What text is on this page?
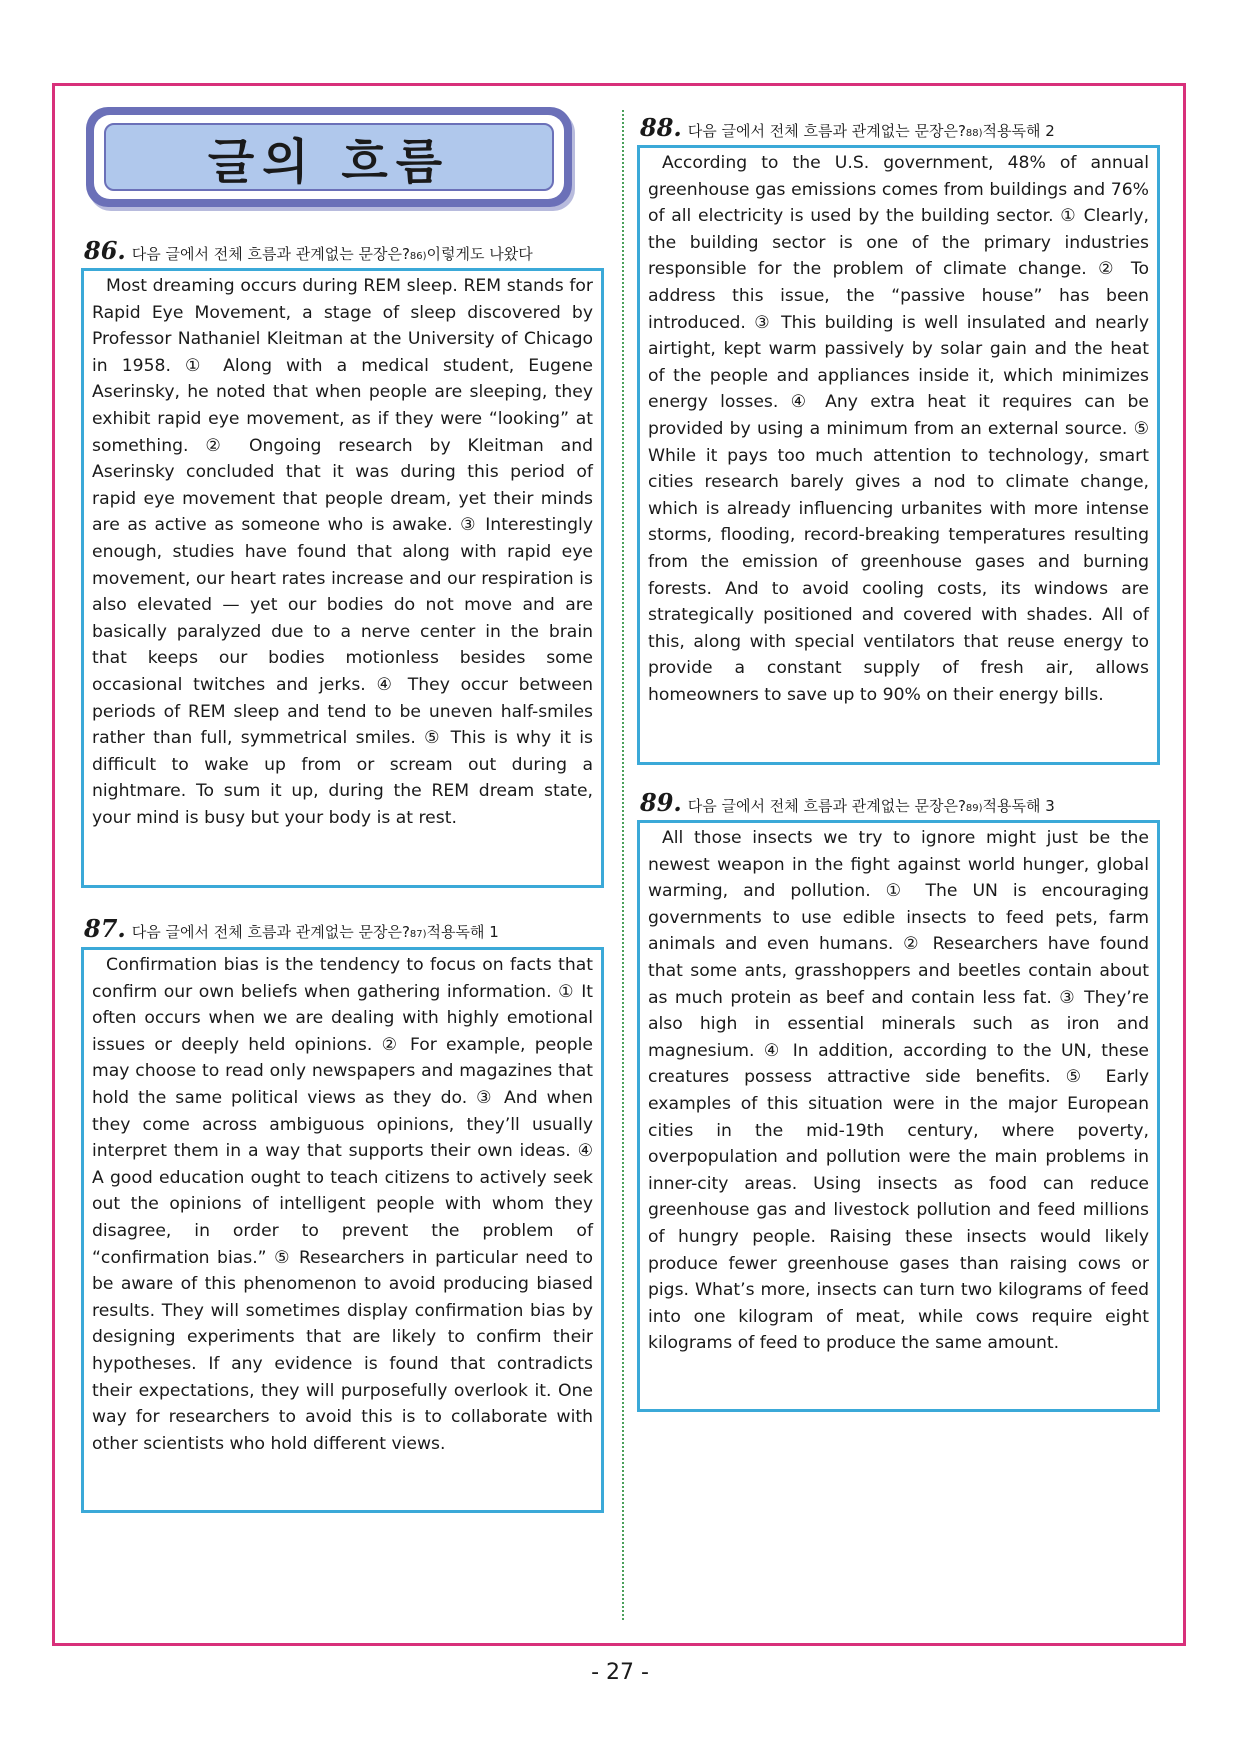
글의 흐름
86. 다음 글에서 전체 흐름과 관계없는 문장은? 86) 이렇게도 나왔다

Most dreaming occurs during REM sleep. REM stands for Rapid Eye Movement, a stage of sleep discovered by Professor Nathaniel Kleitman at the University of Chicago in 1958. ① Along with a medical student, Eugene Aserinsky, he noted that when people are sleeping, they exhibit rapid eye movement, as if they were “looking” at something. ② Ongoing research by Kleitman and Aserinsky concluded that it was during this period of rapid eye movement that people dream, yet their minds are as active as someone who is awake. ③ Interestingly enough, studies have found that along with rapid eye movement, our heart rates increase and our respiration is also elevated — yet our bodies do not move and are basically paralyzed due to a nerve center in the brain that keeps our bodies motionless besides some occasional twitches and jerks. ④ They occur between periods of REM sleep and tend to be uneven half-smiles rather than full, symmetrical smiles. ⑤ This is why it is difficult to wake up from or scream out during a nightmare. To sum it up, during the REM dream state, your mind is busy but your body is at rest.

87. 다음 글에서 전체 흐름과 관계없는 문장은? 87) 적용독해 1

Confirmation bias is the tendency to focus on facts that confirm our own beliefs when gathering information. ① It often occurs when we are dealing with highly emotional issues or deeply held opinions. ② For example, people may choose to read only newspapers and magazines that hold the same political views as they do. ③ And when they come across ambiguous opinions, they’ll usually interpret them in a way that supports their own ideas. ④ A good education ought to teach citizens to actively seek out the opinions of intelligent people with whom they disagree, in order to prevent the problem of “confirmation bias.” ⑤ Researchers in particular need to be aware of this phenomenon to avoid producing biased results. They will sometimes display confirmation bias by designing experiments that are likely to confirm their hypotheses. If any evidence is found that contradicts their expectations, they will purposefully overlook it. One way for researchers to avoid this is to collaborate with other scientists who hold different views.

88. 다음 글에서 전체 흐름과 관계없는 문장은? 88) 적용독해 2

According to the U.S. government, 48% of annual greenhouse gas emissions comes from buildings and 76% of all electricity is used by the building sector. ① Clearly, the building sector is one of the primary industries responsible for the problem of climate change. ② To address this issue, the “passive house” has been introduced. ③ This building is well insulated and nearly airtight, kept warm passively by solar gain and the heat of the people and appliances inside it, which minimizes energy losses. ④ Any extra heat it requires can be provided by using a minimum from an external source. ⑤ While it pays too much attention to technology, smart cities research barely gives a nod to climate change, which is already influencing urbanites with more intense storms, flooding, record-breaking temperatures resulting from the emission of greenhouse gases and burning forests. And to avoid cooling costs, its windows are strategically positioned and covered with shades. All of this, along with special ventilators that reuse energy to provide a constant supply of fresh air, allows homeowners to save up to 90% on their energy bills.

89. 다음 글에서 전체 흐름과 관계없는 문장은? 89) 적용독해 3

All those insects we try to ignore might just be the newest weapon in the fight against world hunger, global warming, and pollution. ① The UN is encouraging governments to use edible insects to feed pets, farm animals and even humans. ② Researchers have found that some ants, grasshoppers and beetles contain about as much protein as beef and contain less fat. ③ They’re also high in essential minerals such as iron and magnesium. ④ In addition, according to the UN, these creatures possess attractive side benefits. ⑤ Early examples of this situation were in the major European cities in the mid-19th century, where poverty, overpopulation and pollution were the main problems in inner-city areas. Using insects as food can reduce greenhouse gas and livestock pollution and feed millions of hungry people. Raising these insects would likely produce fewer greenhouse gases than raising cows or pigs. What’s more, insects can turn two kilograms of feed into one kilogram of meat, while cows require eight kilograms of feed to produce the same amount.

- 27 -
